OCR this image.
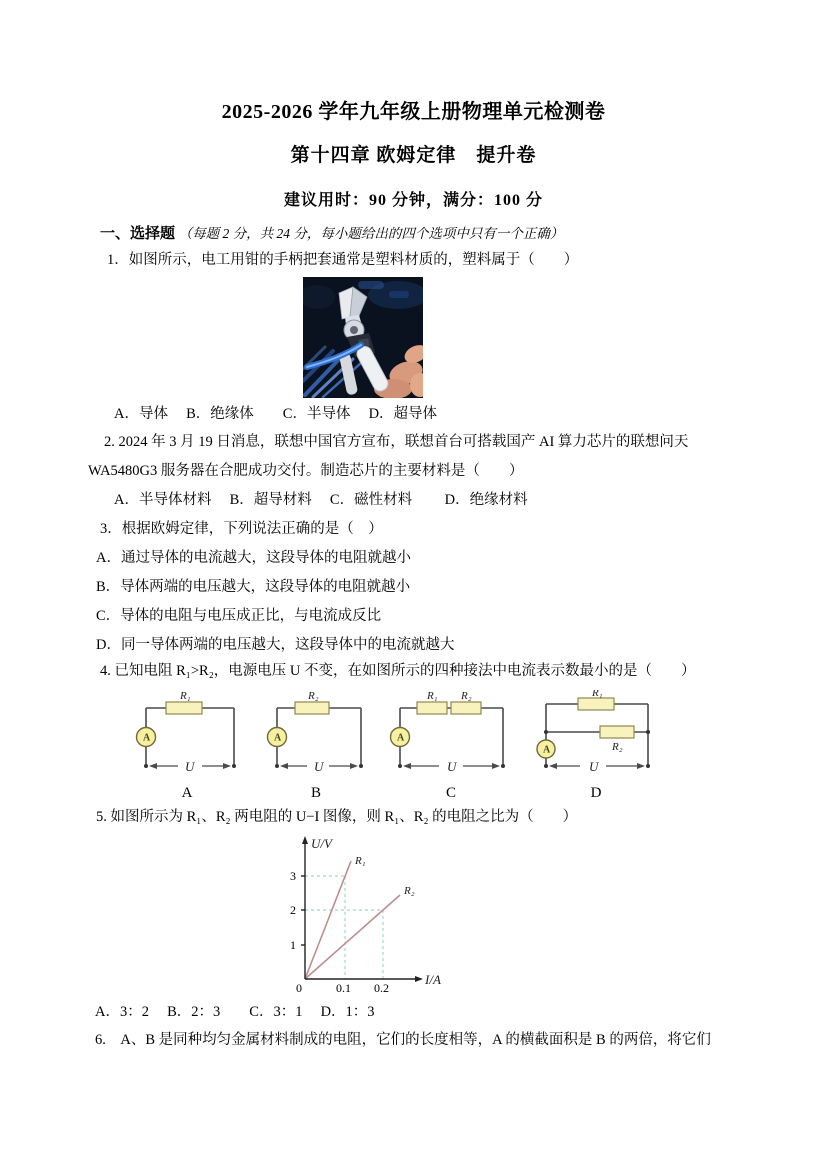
2025-2026 学年九年级上册物理单元检测卷
第十四章 欧姆定律　提升卷
建议用时：90 分钟，满分：100 分
一、选择题 （每题 2 分，共 24 分，每小题给出的四个选项中只有一个正确）
1．如图所示，电工用钳的手柄把套通常是塑料材质的，塑料属于（　　）
A．导体　 B．绝缘体　　C．半导体　 D．超导体
2. 2024 年 3 月 19 日消息，联想中国官方宣布，联想首台可搭载国产 AI 算力芯片的联想问天
WA5480G3 服务器在合肥成功交付。制造芯片的主要材料是（　　）
A．半导体材料　 B．超导材料　 C．磁性材料　　 D．绝缘材料
3．根据欧姆定律，下列说法正确的是（　）
A．通过导体的电流越大，这段导体的电阻就越小
B．导体两端的电压越大，这段导体的电阻就越小
C．导体的电阻与电压成正比，与电流成反比
D．同一导体两端的电压越大，这段导体中的电流就越大
4. 已知电阻 R₁>R₂，电源电压 U 不变，在如图所示的四种接法中电流表示数最小的是（　　）
R₁
A
U
A
R₂
A
U
B
R₁ R₂
A
U
C
R₁
R₂
A
U
D
5. 如图所示为 R₁、R₂ 两电阻的 U−I 图像，则 R₁、R₂ 的电阻之比为（　　）
U/V
I/A
0
1
2
3
0.1 0.2
R₁
R₂
A．3：2　 B．2：3　　C．3：1　 D．1：3
6.　A、B 是同种均匀金属材料制成的电阻，它们的长度相等，A 的横截面积是 B 的两倍，将它们
